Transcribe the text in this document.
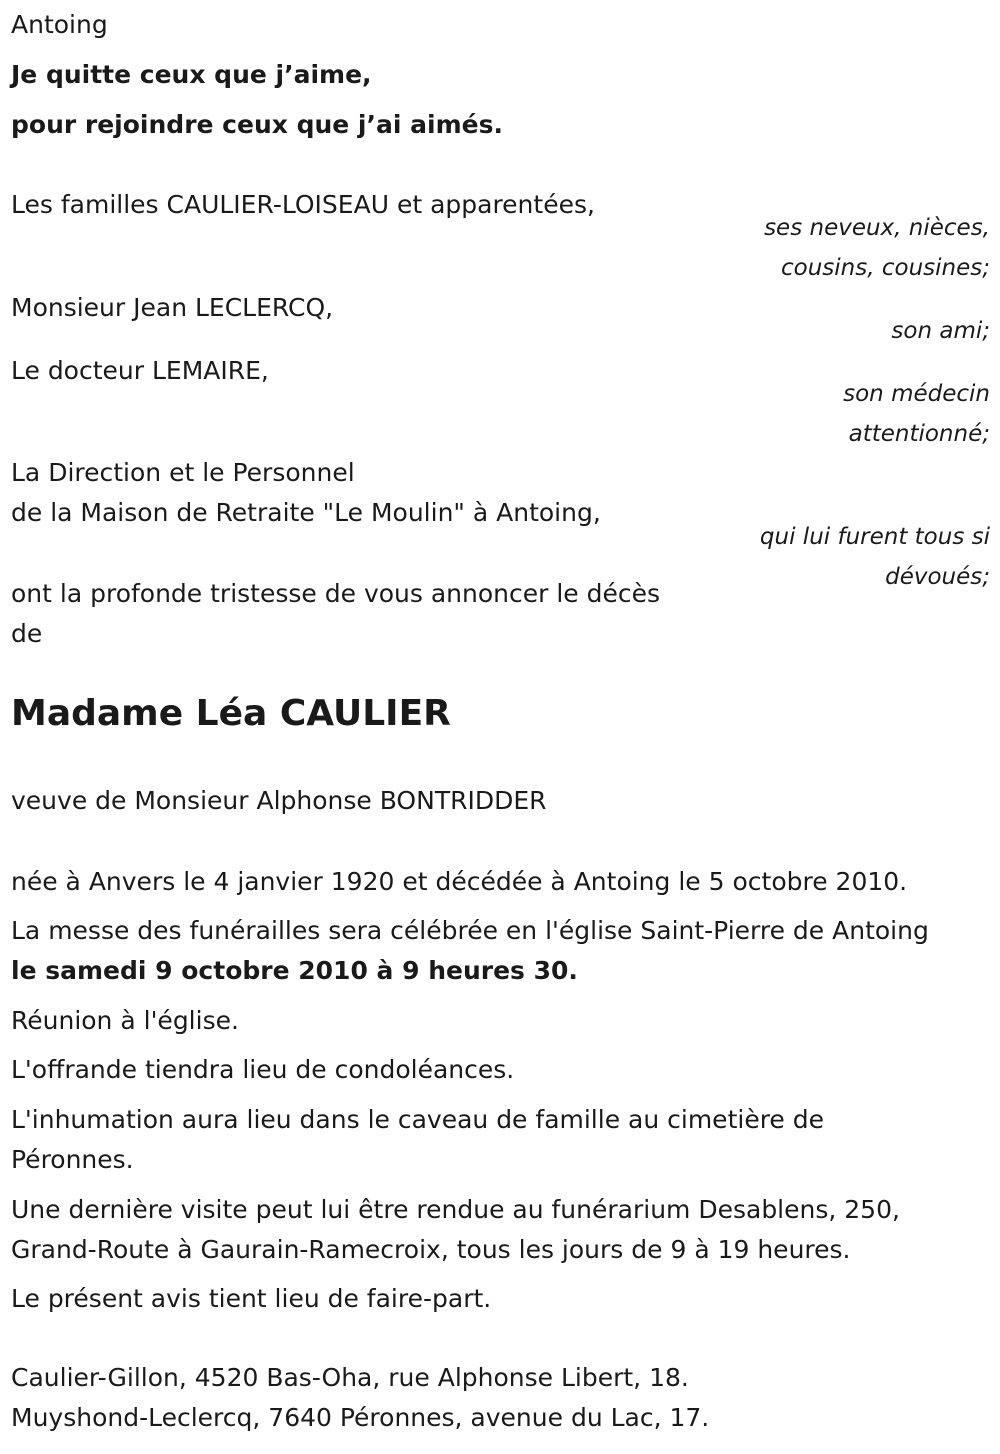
Antoing

Je quitte ceux que j’aime,

pour rejoindre ceux que j’ai aimés.

Les familles CAULIER-LOISEAU et apparentées,

ses neveux, nièces,

cousins, cousines;

Monsieur Jean LECLERCQ,

son ami;

Le docteur LEMAIRE,

son médecin

attentionné;

La Direction et le Personnel

de la Maison de Retraite "Le Moulin" à Antoing,

qui lui furent tous si

dévoués;

ont la profonde tristesse de vous annoncer le décès

de

Madame Léa CAULIER

veuve de Monsieur Alphonse BONTRIDDER

née à Anvers le 4 janvier 1920 et décédée à Antoing le 5 octobre 2010.

La messe des funérailles sera célébrée en l'église Saint-Pierre de Antoing

le samedi 9 octobre 2010 à 9 heures 30.

Réunion à l'église.

L'offrande tiendra lieu de condoléances.

L'inhumation aura lieu dans le caveau de famille au cimetière de

Péronnes.

Une dernière visite peut lui être rendue au funérarium Desablens, 250,

Grand-Route à Gaurain-Ramecroix, tous les jours de 9 à 19 heures.

Le présent avis tient lieu de faire-part.

Caulier-Gillon, 4520 Bas-Oha, rue Alphonse Libert, 18.

Muyshond-Leclercq, 7640 Péronnes, avenue du Lac, 17.
